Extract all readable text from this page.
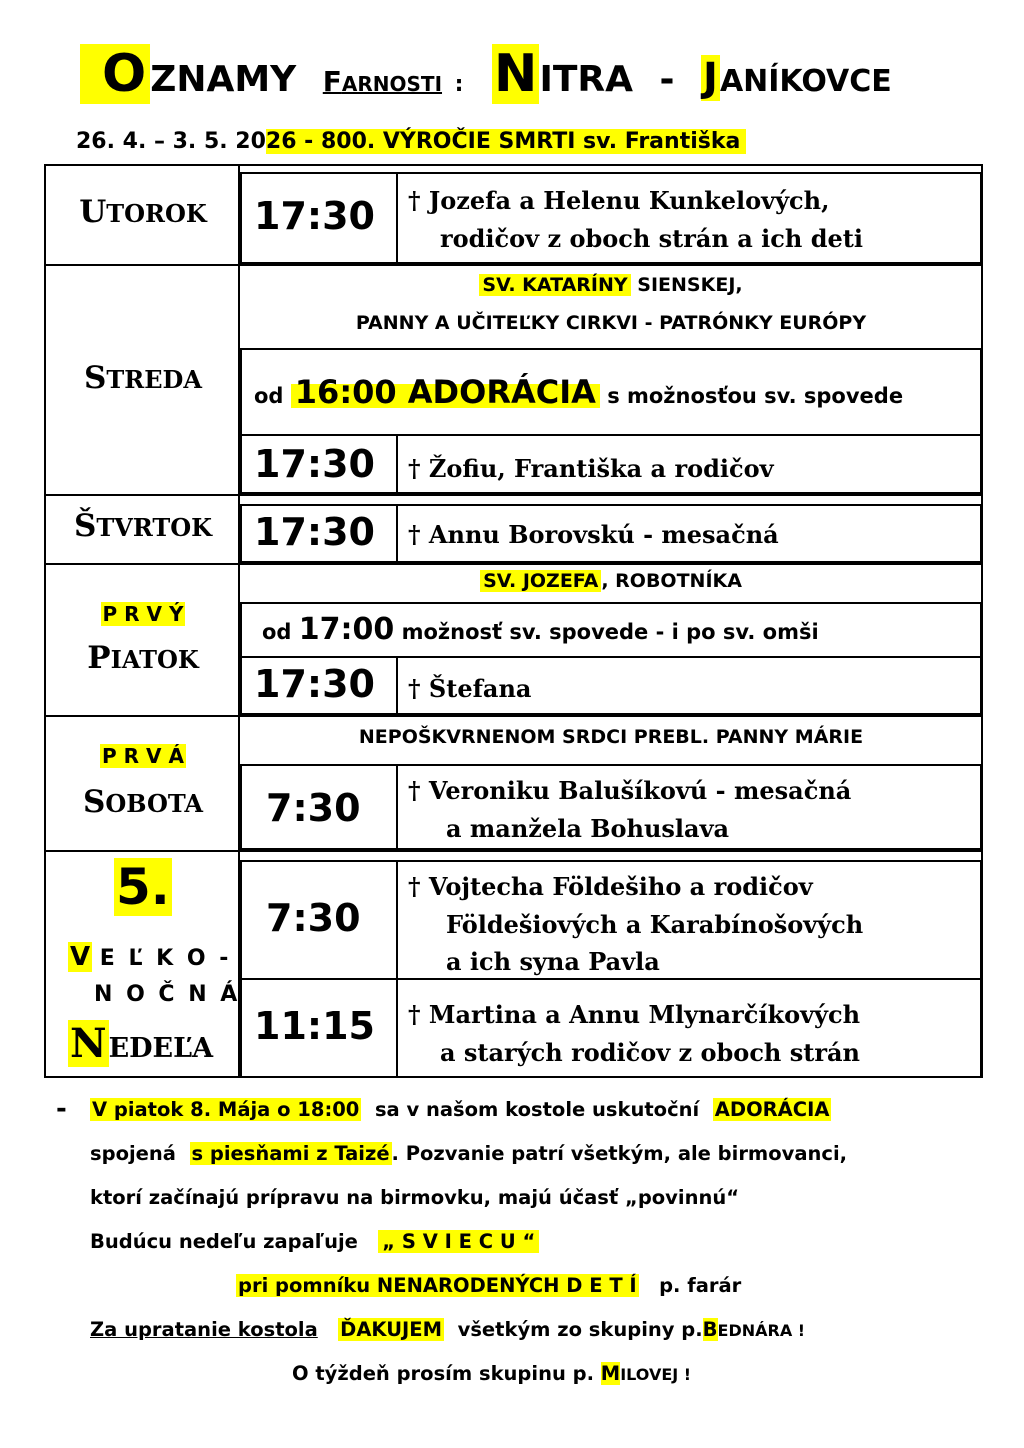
O ZNAMY FARNOSTI : NITRA - JANÍKOVCE
26. 4. – 3. 5. 2026 - 800. VÝROČIE SMRTI sv. Františka
UTOROK
STREDA
ŠTVRTOK
P R V Ý
PIATOK
P R V Á
SOBOTA
5.
V E Ľ K O -
N O Č N Á
NEDEĽA
17:30 † Jozefa a Helenu Kunkelových,
rodičov z oboch strán a ich deti
SV. KATARÍNY SIENSKEJ,
PANNY A UČITEĽKY CIRKVI - PATRÓNKY EURÓPY
od 16:00 ADORÁCIA s možnosťou sv. spovede
17:30 † Žofiu, Františka a rodičov
17:30 † Annu Borovskú - mesačná
SV. JOZEFA , ROBOTNÍKA
od 17:00 možnosť sv. spovede - i po sv. omši
17:30 † Štefana
NEPOŠKVRNENOM SRDCI PREBL. PANNY MÁRIE
7:30 † Veroniku Balušíkovú - mesačná
a manžela Bohuslava
7:30
† Vojtecha Földešiho a rodičov
Földešiových a Karabínošových
a ich syna Pavla
11:15 † Martina a Annu Mlynarčíkových
a starých rodičov z oboch strán
- V piatok 8. Mája o 18:00 sa v našom kostole uskutoční ADORÁCIA
spojená s piesňami z Taizé . Pozvanie patrí všetkým, ale birmovanci,
ktorí začínajú prípravu na birmovku, majú účasť „povinnú“
Budúcu nedeľu zapaľuje „ S V I E C U “
pri pomníku NENARODENÝCH D E T Í p. farár
Za upratanie kostola ĎAKUJEM všetkým zo skupiny p.BEDNÁRA !
O týždeň prosím skupinu p. MILOVEJ !
